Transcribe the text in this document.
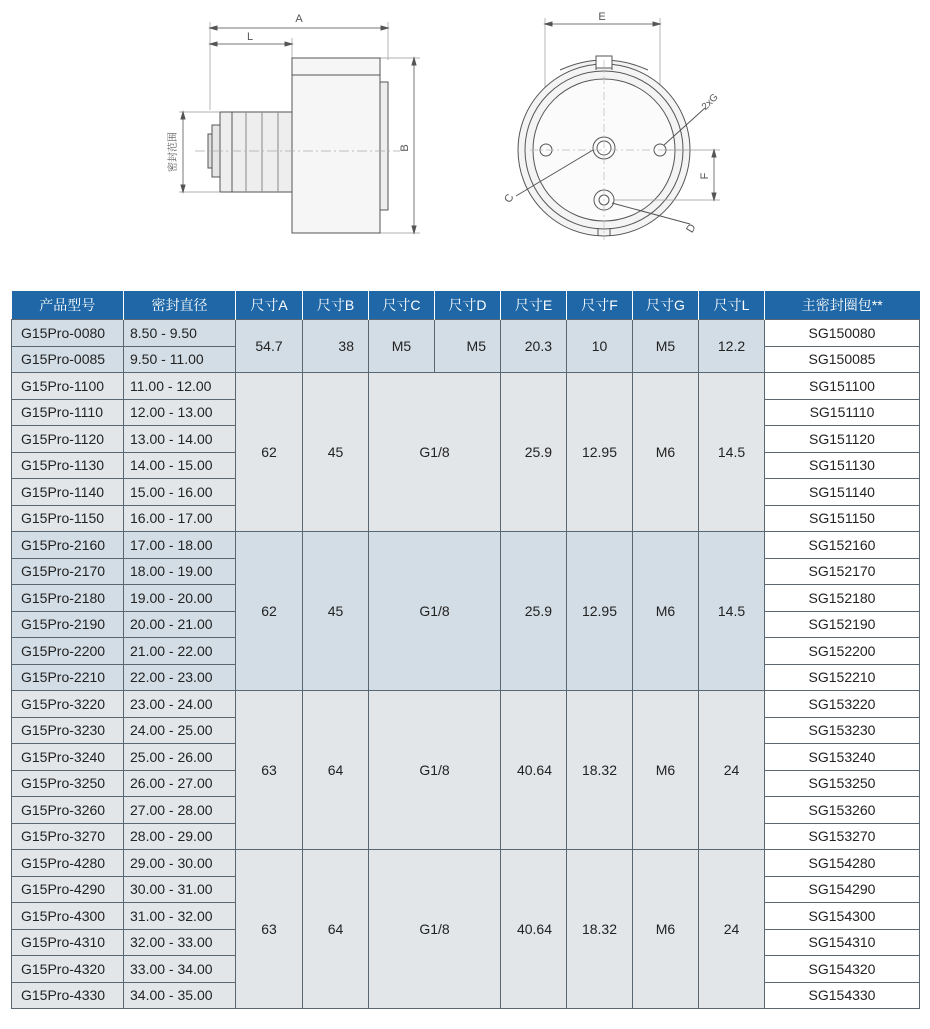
A
L
B
密封范围
E
F
C
D
2xG
产品型号	密封直径	尺寸A	尺寸B	尺寸C	尺寸D	尺寸E	尺寸F	尺寸G	尺寸L	主密封圈包**
G15Pro-0080	8.50 - 9.50	54.7	38	M5	M5	20.3	10	M5	12.2	SG150080
G15Pro-0085	9.50 - 11.00									SG150085
G15Pro-1100	11.00 - 12.00	62	45	G1/8		25.9	12.95	M6	14.5	SG151100
G15Pro-1110	12.00 - 13.00									SG151110
G15Pro-1120	13.00 - 14.00									SG151120
G15Pro-1130	14.00 - 15.00									SG151130
G15Pro-1140	15.00 - 16.00									SG151140
G15Pro-1150	16.00 - 17.00									SG151150
G15Pro-2160	17.00 - 18.00	62	45	G1/8		25.9	12.95	M6	14.5	SG152160
G15Pro-2170	18.00 - 19.00									SG152170
G15Pro-2180	19.00 - 20.00									SG152180
G15Pro-2190	20.00 - 21.00									SG152190
G15Pro-2200	21.00 - 22.00									SG152200
G15Pro-2210	22.00 - 23.00									SG152210
G15Pro-3220	23.00 - 24.00	63	64	G1/8		40.64	18.32	M6	24	SG153220
G15Pro-3230	24.00 - 25.00									SG153230
G15Pro-3240	25.00 - 26.00									SG153240
G15Pro-3250	26.00 - 27.00									SG153250
G15Pro-3260	27.00 - 28.00									SG153260
G15Pro-3270	28.00 - 29.00									SG153270
G15Pro-4280	29.00 - 30.00	63	64	G1/8		40.64	18.32	M6	24	SG154280
G15Pro-4290	30.00 - 31.00									SG154290
G15Pro-4300	31.00 - 32.00									SG154300
G15Pro-4310	32.00 - 33.00									SG154310
G15Pro-4320	33.00 - 34.00									SG154320
G15Pro-4330	34.00 - 35.00									SG154330
